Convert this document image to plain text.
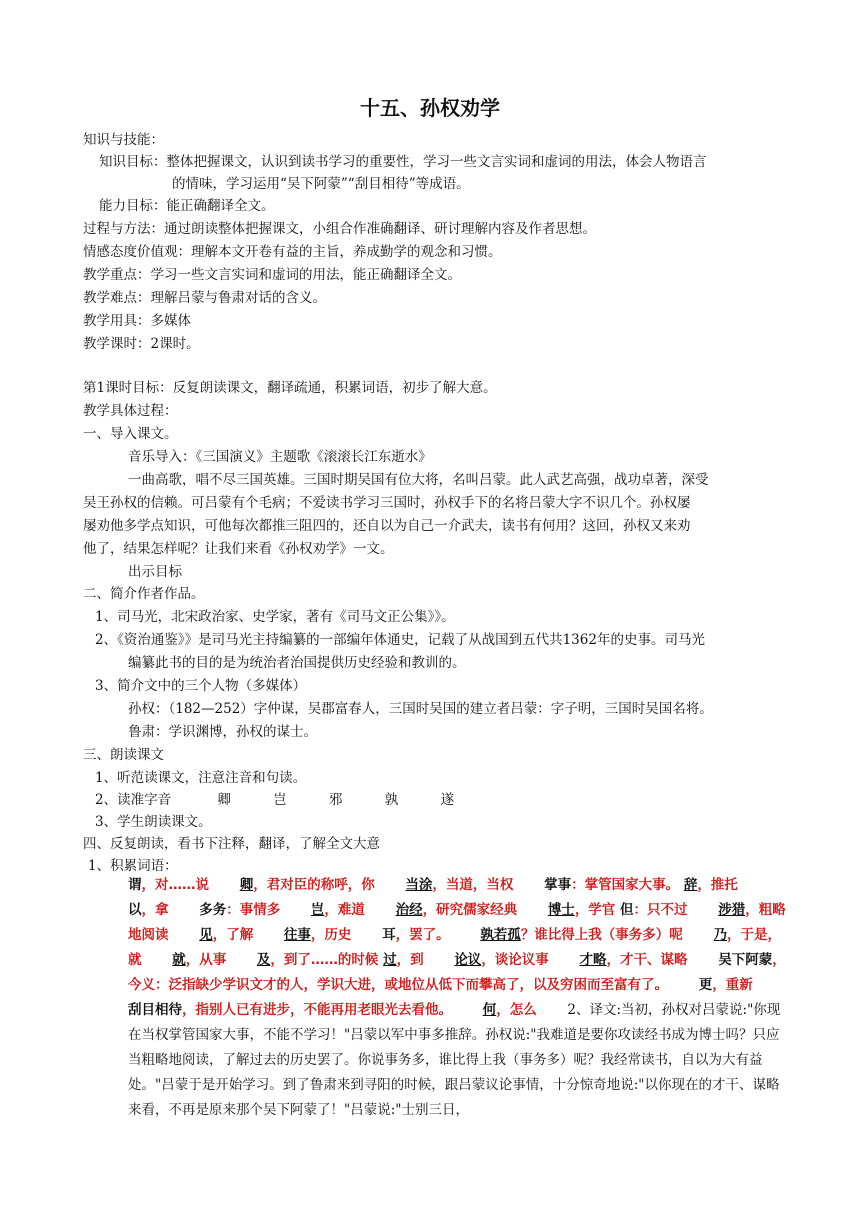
十五、孙权劝学
知识与技能：
知识目标：整体把握课文，认识到读书学习的重要性，学习一些文言实词和虚词的用法，体会人物语言
的情味，学习运用“吴下阿蒙”“刮目相待”等成语。
能力目标：能正确翻译全文。
过程与方法：通过朗读整体把握课文，小组合作准确翻译、研讨理解内容及作者思想。
情感态度价值观：理解本文开卷有益的主旨，养成勤学的观念和习惯。
教学重点：学习一些文言实词和虚词的用法，能正确翻译全文。
教学难点：理解吕蒙与鲁肃对话的含义。
教学用具：多媒体
教学课时：2课时。
第1课时目标：反复朗读课文，翻译疏通，积累词语，初步了解大意。
教学具体过程：
一、导入课文。
音乐导入：《三国演义》主题歌《滚滚长江东逝水》
一曲高歌，唱不尽三国英雄。三国时期吴国有位大将，名叫吕蒙。此人武艺高强，战功卓著，深受
吴王孙权的信赖。可吕蒙有个毛病；不爱读书学习三国时，孙权手下的名将吕蒙大字不识几个。孙权屡
屡劝他多学点知识，可他每次都推三阻四的，还自以为自己一介武夫，读书有何用？这回，孙权又来劝
他了，结果怎样呢？让我们来看《孙权劝学》一文。
出示目标
二、简介作者作品。
1、司马光，北宋政治家、史学家，著有《司马文正公集》》。
2、《资治通鉴》》是司马光主持编纂的一部编年体通史，记载了从战国到五代共1362年的史事。司马光
编纂此书的目的是为统治者治国提供历史经验和教训的。
3、简介文中的三个人物（多媒体）
孙权：（182—252）字仲谋，吴郡富春人，三国时吴国的建立者吕蒙：字子明，三国时吴国名将。
鲁肃：学识渊博，孙权的谋士。
三、朗读课文
1、听范读课文，注意注音和句读。
2、读准字音	卿	岂	邪	孰	遂
3、学生朗读课文。
四、反复朗读，看书下注释，翻译，了解全文大意
1、积累词语：
谓，对……说 卿，君对臣的称呼，你 当涂，当道，当权 掌事：掌管国家大事。 辞，推托 以，拿 多务：事情多 岂，难道 治经，研究儒家经典 博士，学官 但：只不过 涉猎，粗略地阅读 见，了解 往事，历史 耳，罢了。 孰若孤？谁比得上我（事务多）呢 乃，于是，就 就，从事 及，到了……的时候 过，到 论议，谈论议事 才略，才干、谋略 吴下阿蒙，今义：泛指缺少学识文才的人，学识大进，或地位从低下而攀高了，以及穷困而至富有了。 更，重新 刮目相待，指别人已有进步，不能再用老眼光去看他。 何，怎么 2、译文:当初，孙权对吕蒙说:"你现在当权掌管国家大事，不能不学习！"吕蒙以军中事多推辞。孙权说:"我难道是要你攻读经书成为博士吗？只应当粗略地阅读，了解过去的历史罢了。你说事务多，谁比得上我（事务多）呢？我经常读书，自以为大有益处。"吕蒙于是开始学习。到了鲁肃来到寻阳的时候，跟吕蒙议论事情，十分惊奇地说:"以你现在的才干、谋略来看，不再是原来那个吴下阿蒙了！"吕蒙说:"士别三日，
